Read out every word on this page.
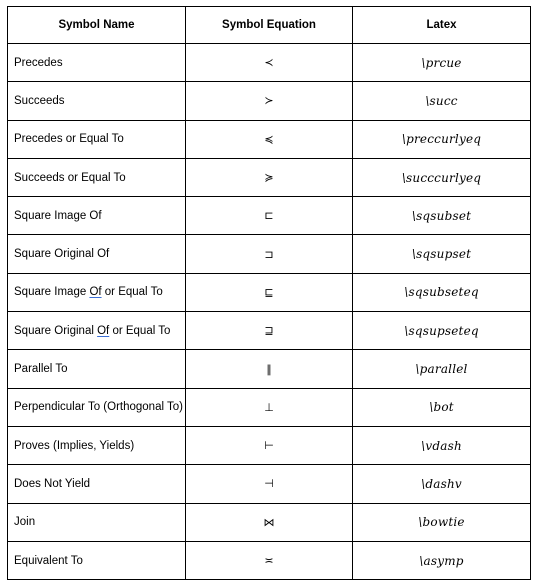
Symbol Name	Symbol Equation	Latex
Precedes	≺	\prcue
Succeeds	≻	\succ
Precedes or Equal To	≼	\preccurlyeq
Succeeds or Equal To	≽	\succcurlyeq
Square Image Of	⊏	\sqsubset
Square Original Of	⊐	\sqsupset
Square Image Of or Equal To	⊑	\sqsubseteq
Square Original Of or Equal To	⊒	\sqsupseteq
Parallel To	∥	\parallel
Perpendicular To (Orthogonal To)	⊥	\bot
Proves (Implies, Yields)	⊢	\vdash
Does Not Yield	⊣	\dashv
Join	⋈	\bowtie
Equivalent To	≍	\asymp
